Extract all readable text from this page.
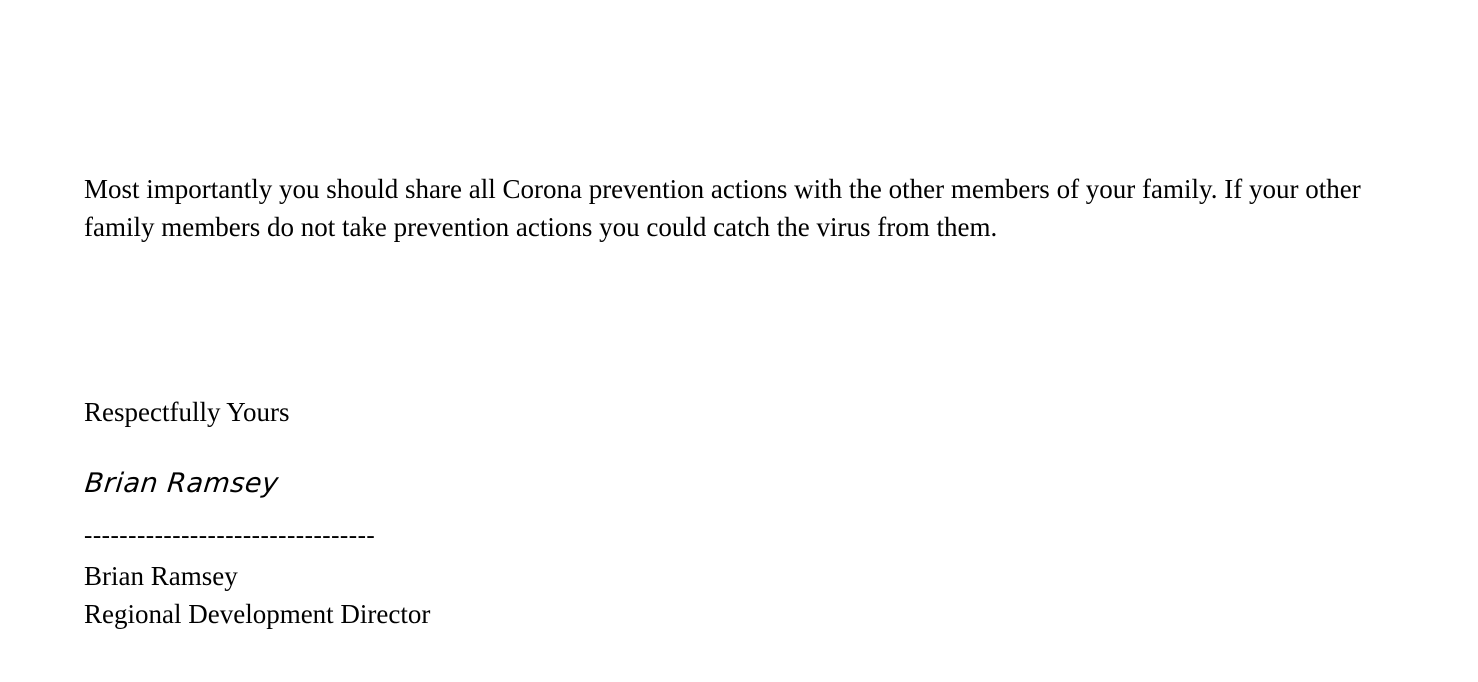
Most importantly you should share all Corona prevention actions with the other members of your family. If your other family members do not take prevention actions you could catch the virus from them.

Respectfully Yours
Brian Ramsey
---------------------------------
Brian Ramsey
Regional Development Director
